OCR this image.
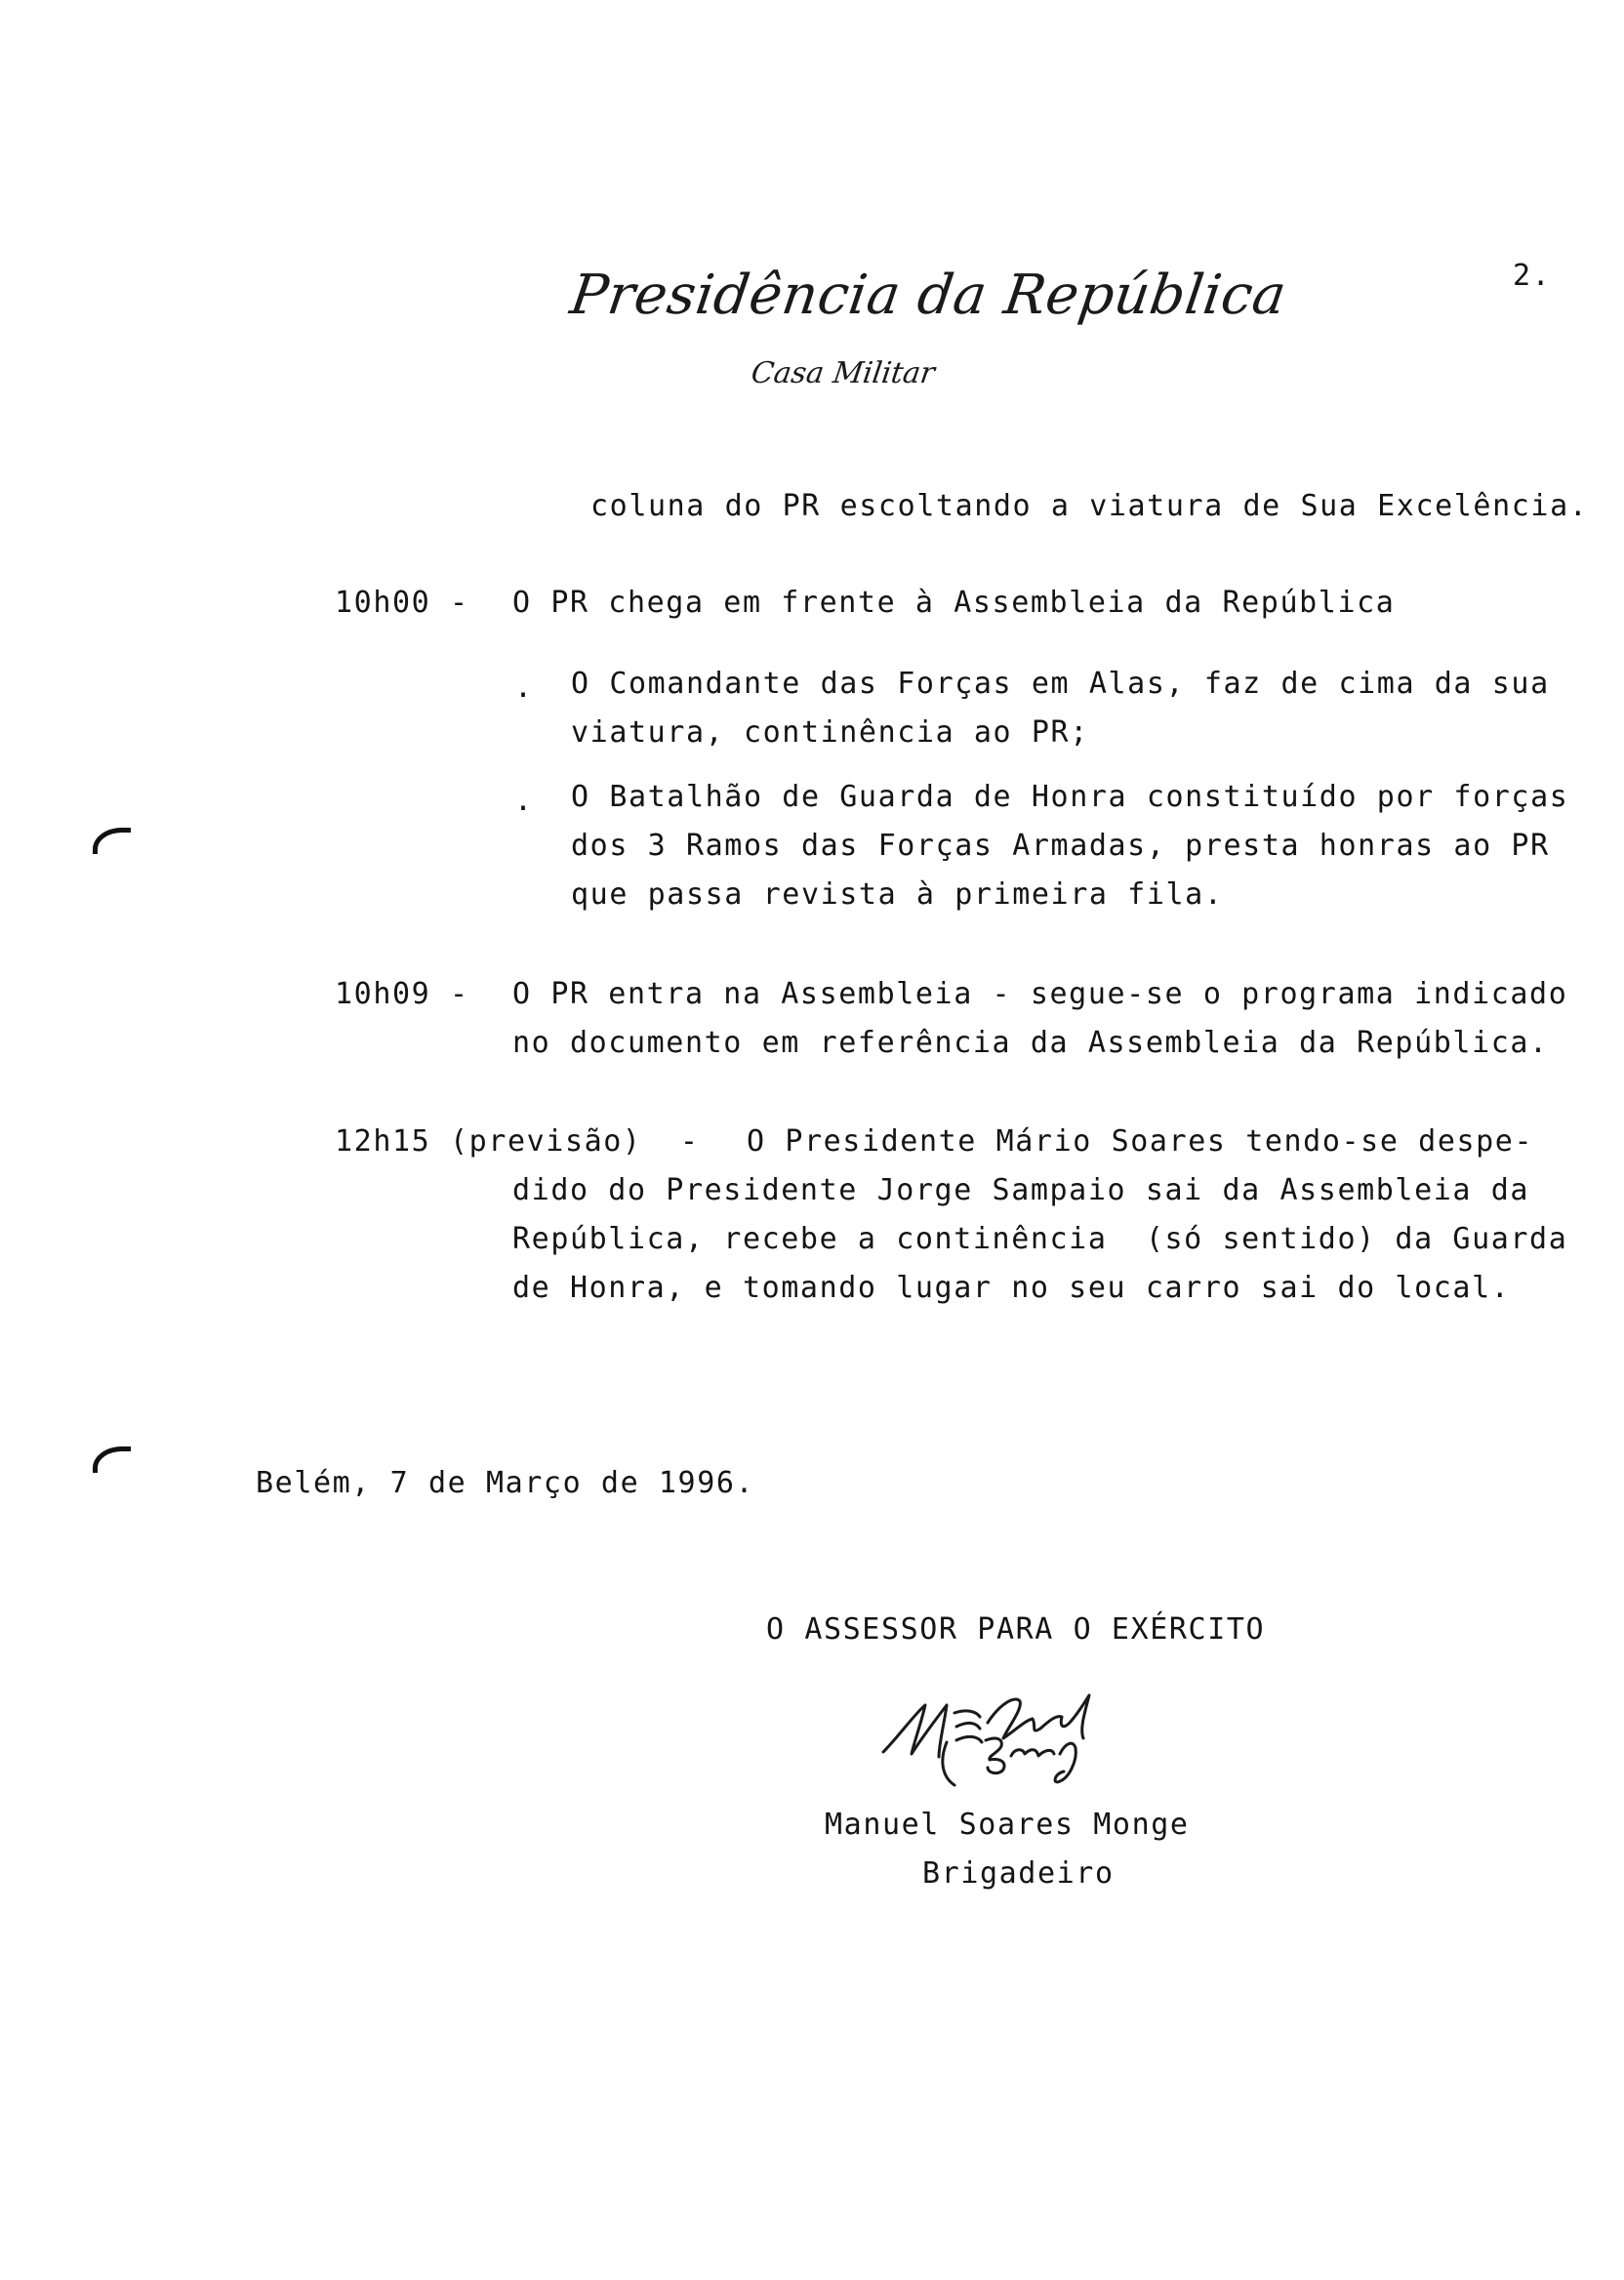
2.
Presidência da República
Casa Militar
coluna do PR escoltando a viatura de Sua Excelência.
10h00 - O PR chega em frente à Assembleia da República
. O Comandante das Forças em Alas, faz de cima da sua
viatura, continência ao PR;
. O Batalhão de Guarda de Honra constituído por forças
dos 3 Ramos das Forças Armadas, presta honras ao PR
que passa revista à primeira fila.
10h09 - O PR entra na Assembleia - segue-se o programa indicado
no documento em referência da Assembleia da República.
12h15 (previsão)  - O Presidente Mário Soares tendo-se despe-
dido do Presidente Jorge Sampaio sai da Assembleia da
República, recebe a continência  (só sentido) da Guarda
de Honra, e tomando lugar no seu carro sai do local.
Belém, 7 de Março de 1996.
O ASSESSOR PARA O EXÉRCITO
Manuel Soares Monge
Brigadeiro
